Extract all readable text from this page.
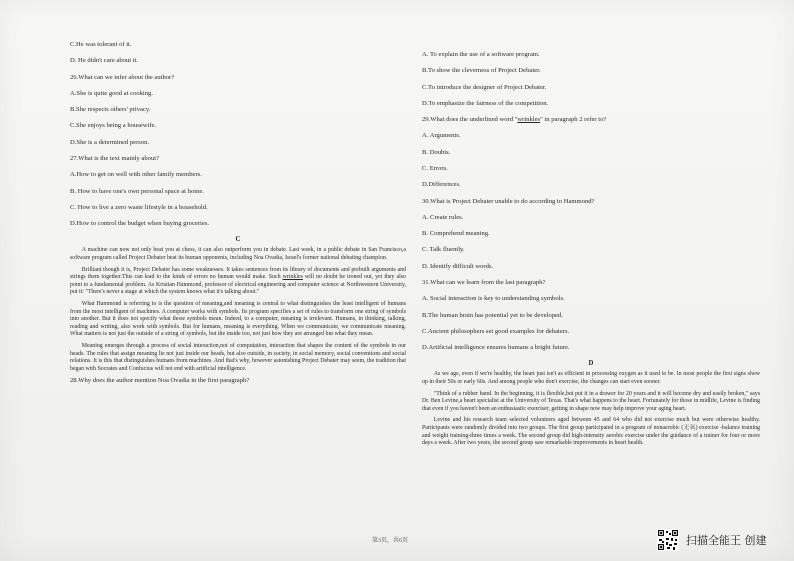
C.He was tolerant of it.
D. He didn't care about it.
26.What can we infer about the author?
A.She is quite good at cooking.
B.She respects others' privacy.
C.She enjoys being a housewife.
D.She is a determined person.
27.What is the text mainly about?
A.How to get on well with other family members.
B. How to have one's own personal space at home.
C. How to live a zero waste lifestyle in a household.
D.How to control the budget when buying groceries.
C

A machine can now not only beat you at chess, it can also outperform you in debate. Last week, in a public debate in San Francisco,a software program called Project Debater beat its human opponents, including Noa Ovadia, Israel's former national debating champion.

Brilliant though it is, Project Debater has some weaknesses. It takes sentences from its library of documents and prebuilt arguments and strings them together.This can lead to the kinds of errors no human would make. Such wrinkles will no doubt be ironed out, yet they also point to a fundamental problem. As Kristian Hammond, professor of electrical engineering and computer science at Northwestern University, put it: "There's never a stage at which the system knows what it's talking about."

What Hammond is referring to is the question of meaning,and meaning is central to what distinguishes the least intelligent of humans from the most intelligent of machines. A computer works with symbols. Its program specifies a set of rules to transform one string of symbols into another. But it does not specify what those symbols mean. Indeed, to a computer, meaning is irrelevant. Humans, in thinking, talking, reading and writing, also work with symbols. But for humans, meaning is everything. When we communicate, we communicate meaning. What matters is not just the outside of a string of symbols, but the inside too, not just how they are arranged but what they mean.

Meaning emerges through a process of social interaction,not of computation, interaction that shapes the content of the symbols in our heads. The rules that assign meaning lie not just inside our heads, but also outside, in society, in social memory, social conventions and social relations. It is this that distinguishes humans from machines. And that's why, however astonishing Project Debater may seem, the tradition that began with Socrates and Confucius will not end with artificial intelligence.

28.Why does the author mention Noa Ovadia in the first paragraph?
A. To explain the use of a software program.
B.To show the cleverness of Project Debater.
C.To introduce the designer of Project Debater.
D.To emphasize the fairness of the competition.
29.What does the underlined word "wrinkles" in paragraph 2 refer to?
A. Arguments.
B. Doubts.
C. Errors.
D.Differences.
30.What is Project Debater unable to do according to Hammond?
A. Create rules.
B. Comprehend meaning.
C. Talk fluently.
D. Identify difficult words.
31.What can we learn from the last paragraph?
A. Social interaction is key to understanding symbols.
B.The human brain has potential yet to be developed.
C.Ancient philosophers set good examples for debaters.
D.Artificial intelligence ensures humans a bright future.
D

As we age, even if we're healthy, the heart just isn't as efficient in processing oxygen as it used to be. In most people the first signs show up in their 50s or early 60s. And among people who don't exercise, the changes can start even sooner.

"Think of a rubber band. In the beginning, it is flexible,but put it in a drawer for 20 years and it will become dry and easily broken," says Dr. Ben Levine,a heart specialist at the University of Texas. That's what happens to the heart. Fortunately for those in midlife, Levine is finding that even if you haven't been an enthusiastic exerciser, getting in shape now may help improve your aging heart.

Levine and his research team selected volunteers aged between 45 and 64 who did not exercise much but were otherwise healthy. Participants were randomly divided into two groups. The first group participated in a program of nonaerobic (无氧) exercise -balance training and weight training-three times a week. The second group did high-intensity aerobic exercise under the guidance of a trainer for four or more days a week. After two years, the second group saw remarkable improvements in heart health.

第3页，共6页	扫描全能王 创建
